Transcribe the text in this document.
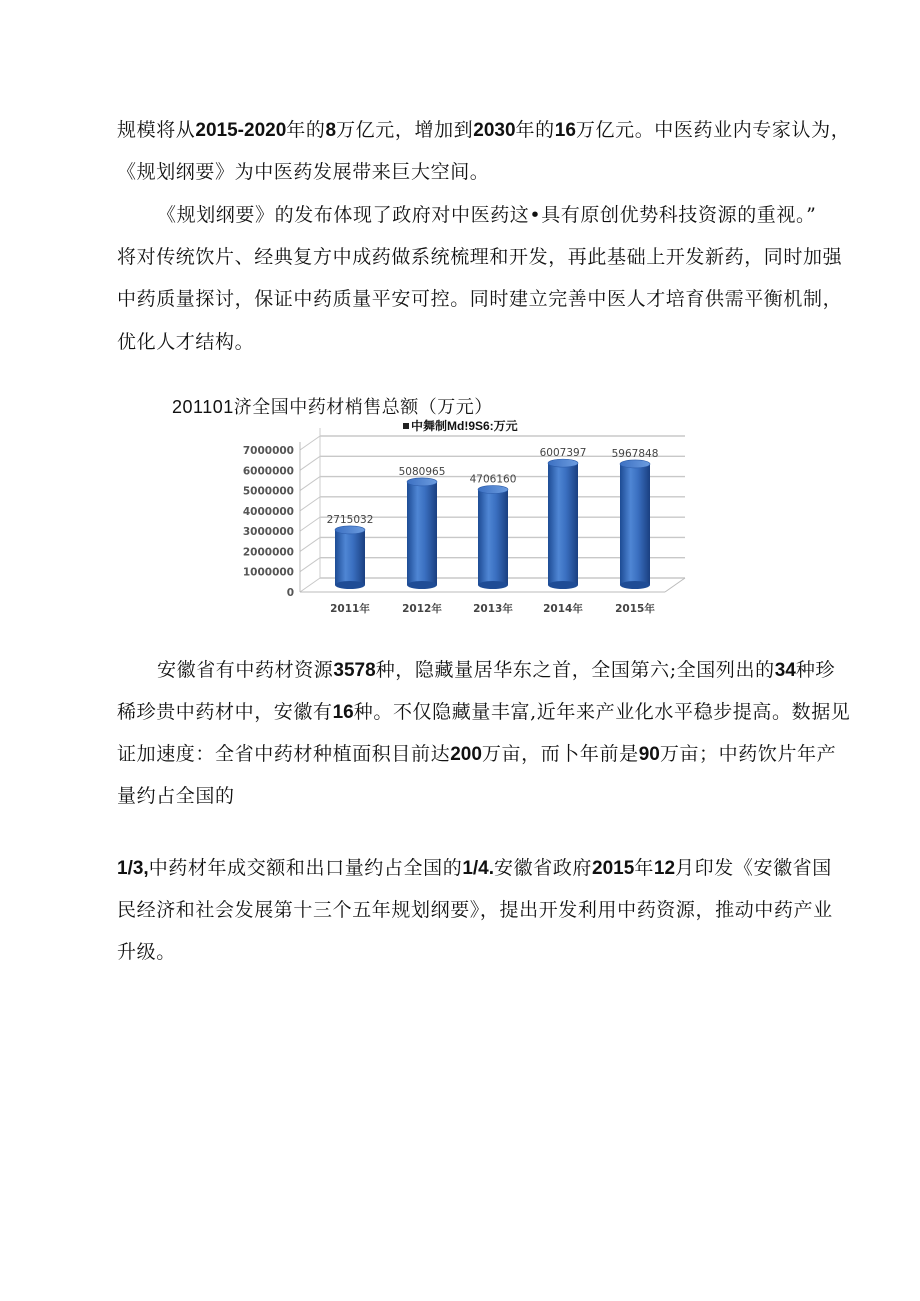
规模将从2015-2020年的8万亿元，增加到2030年的16万亿元。中医药业内专家认为，
《规划纲要》为中医药发展带来巨大空间。
《规划纲要》的发布体现了政府对中医药这•具有原创优势科技资源的重视。”
将对传统饮片、经典复方中成药做系统梳理和开发，再此基础上开发新药，同时加强
中药质量探讨，保证中药质量平安可控。同时建立完善中医人才培育供需平衡机制，
优化人才结构。
201101济全国中药材梢售总额（万元）
中舞制Md!9S6:万元
0
1000000
2000000
3000000
4000000
5000000
6000000
7000000
2715032
5080965
4706160
6007397 5967848
2011年	2012年	2013年	2014年	2015年
安徽省有中药材资源3578种，隐藏量居华东之首，全国第六;全国列出的34种珍
稀珍贵中药材中，安徽有16种。不仅隐藏量丰富,近年来产业化水平稳步提高。数据见
证加速度：全省中药材种植面积目前达200万亩，而卜年前是90万亩；中药饮片年产
量约占全国的
1/3,中药材年成交额和出口量约占全国的1/4.安徽省政府2015年12月印发《安徽省国
民经济和社会发展第十三个五年规划纲要》，提出开发利用中药资源，推动中药产业
升级。
